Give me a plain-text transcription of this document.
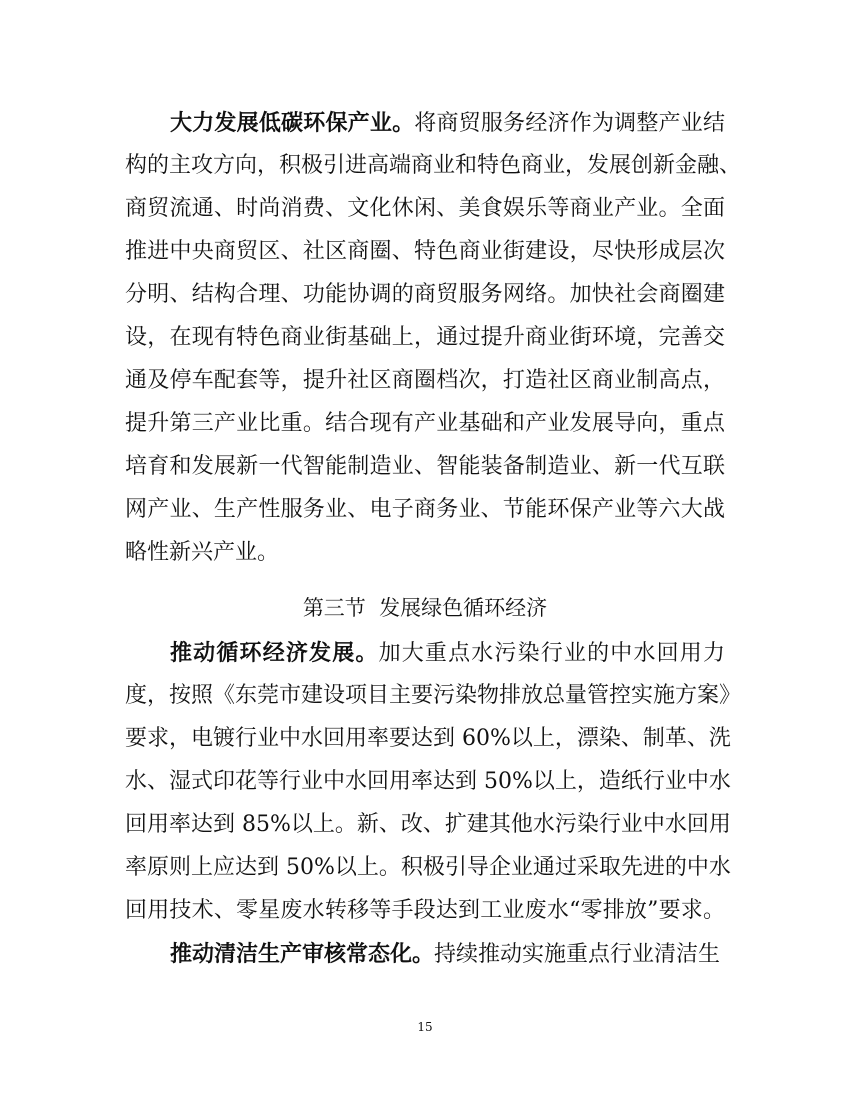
大力发展低碳环保产业。将商贸服务经济作为调整产业结
构的主攻方向，积极引进高端商业和特色商业，发展创新金融、
商贸流通、时尚消费、文化休闲、美食娱乐等商业产业。全面
推进中央商贸区、社区商圈、特色商业街建设，尽快形成层次
分明、结构合理、功能协调的商贸服务网络。加快社会商圈建
设，在现有特色商业街基础上，通过提升商业街环境，完善交
通及停车配套等，提升社区商圈档次，打造社区商业制高点，
提升第三产业比重。结合现有产业基础和产业发展导向，重点
培育和发展新一代智能制造业、智能装备制造业、新一代互联
网产业、生产性服务业、电子商务业、节能环保产业等六大战
略性新兴产业。
第三节  发展绿色循环经济
推动循环经济发展。加大重点水污染行业的中水回用力
度，按照《东莞市建设项目主要污染物排放总量管控实施方案》
要求，电镀行业中水回用率要达到 60%以上，漂染、制革、洗
水、湿式印花等行业中水回用率达到 50%以上，造纸行业中水
回用率达到 85%以上。新、改、扩建其他水污染行业中水回用
率原则上应达到 50%以上。积极引导企业通过采取先进的中水
回用技术、零星废水转移等手段达到工业废水“零排放”要求。
推动清洁生产审核常态化。持续推动实施重点行业清洁生
15
